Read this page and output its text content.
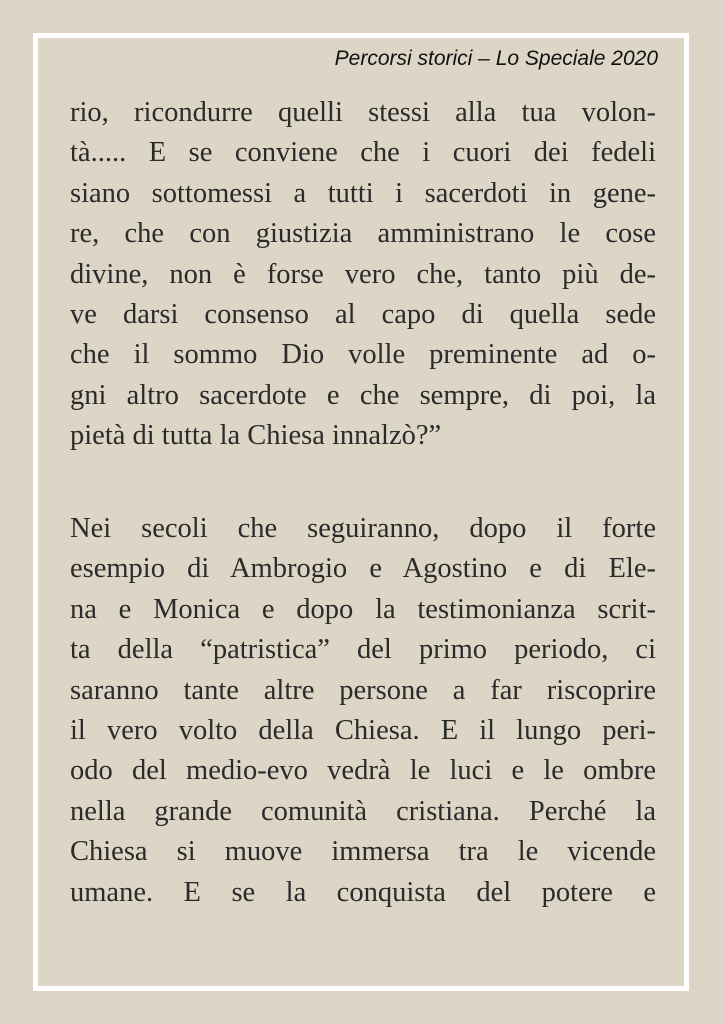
Percorsi storici – Lo Speciale 2020
rio, ricondurre quelli stessi alla tua volon-
tà..... E se conviene che i cuori dei fedeli
siano sottomessi a tutti i sacerdoti in gene-
re, che con giustizia amministrano le cose
divine, non è forse vero che, tanto più de-
ve darsi consenso al capo di quella sede
che il sommo Dio volle preminente ad o-
gni altro sacerdote e che sempre, di poi, la
pietà di tutta la Chiesa innalzò?”
Nei secoli che seguiranno, dopo il forte
esempio di Ambrogio e Agostino e di Ele-
na e Monica e dopo la testimonianza scrit-
ta della “patristica” del primo periodo, ci
saranno tante altre persone a far riscoprire
il vero volto della Chiesa. E il lungo peri-
odo del medio-evo vedrà le luci e le ombre
nella grande comunità cristiana. Perché la
Chiesa si muove immersa tra le vicende
umane. E se la conquista del potere e
